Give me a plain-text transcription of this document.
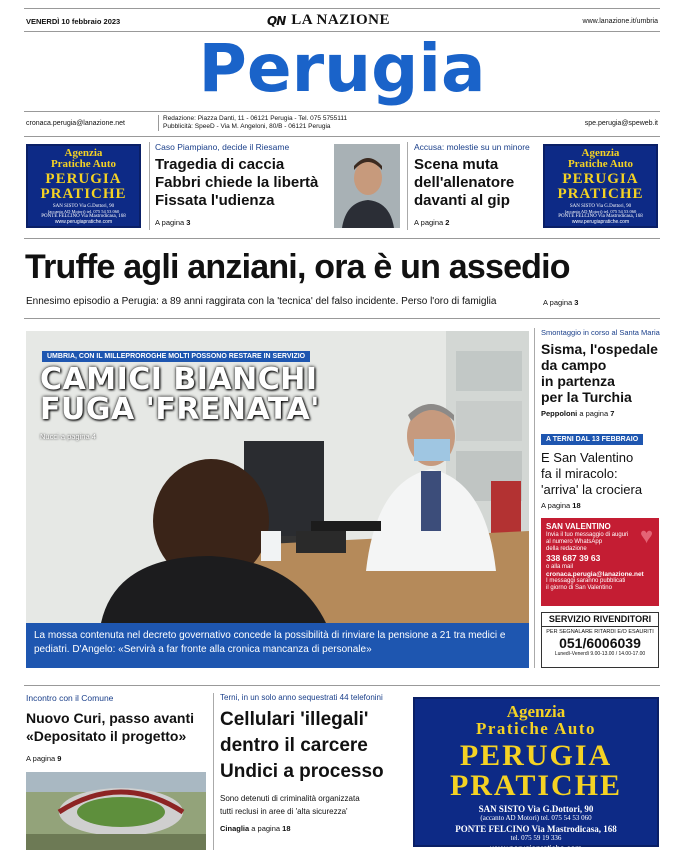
VENERDÌ 10 febbraio 2023	QN LA NAZIONE	www.lanazione.it/umbria
Perugia
cronaca.perugia@lanazione.net
Redazione: Piazza Danti, 11 - 06121 Perugia - Tel. 075 5755111
Pubblicità: SpeeD - Via M. Angeloni, 80/B - 06121 Perugia	spe.perugia@speweb.it
Agenzia
Pratiche Auto
PERUGIA
PRATICHE
SAN SISTO Via G.Dottori, 90
(accanto AD Motori) tel. 075 54 53 060
PONTE FELCINO Via Mastrodicasa, 168
www.perugiapratiche.com
Agenzia
Pratiche Auto
PERUGIA
PRATICHE
SAN SISTO Via G.Dottori, 90
(accanto AD Motori) tel. 075 54 53 060
PONTE FELCINO Via Mastrodicasa, 168
www.perugiapratiche.com
Caso Piampiano, decide il Riesame
Tragedia di caccia
Fabbri chiede la libertà
Fissata l'udienza
A pagina 3
Accusa: molestie su un minore
Scena muta
dell'allenatore
davanti al gip
A pagina 2
Truffe agli anziani, ora è un assedio
Ennesimo episodio a Perugia: a 89 anni raggirata con la 'tecnica' del falso incidente. Perso l'oro di famiglia	A pagina 3
UMBRIA, CON IL MILLEPROROGHE MOLTI POSSONO RESTARE IN SERVIZIO
CAMICI BIANCHI
FUGA 'FRENATA'
Nucci a pagina 4
La mossa contenuta nel decreto governativo concede la possibilità di rinviare la pensione a 21 tra medici e pediatri. D'Angelo: «Servirà a far fronte alla cronica mancanza di personale»
Smontaggio in corso al Santa Maria
Sisma, l'ospedale
da campo
in partenza
per la Turchia
Peppoloni a pagina 7
A TERNI DAL 13 FEBBRAIO
E San Valentino
fa il miracolo:
'arriva' la crociera
A pagina 18
SAN VALENTINO
Invia il tuo messaggio di auguri
al numero WhatsApp
della redazione
338 687 39 63
o alla mail
cronaca.perugia@lanazione.net
I messaggi saranno pubblicati
il giorno di San Valentino
♥
SERVIZIO RIVENDITORI
PER SEGNALARE RITARDI E/O ESAURITI
051/6006039
Lunedì-Venerdì 9.00-13.00 / 14.00-17.00
Incontro con il Comune
Nuovo Curi, passo avanti
«Depositato il progetto»
A pagina 9
Terni, in un solo anno sequestrati 44 telefonini
Cellulari 'illegali'
dentro il carcere
Undici a processo
Sono detenuti di criminalità organizzata
tutti reclusi in aree di 'alta sicurezza'
Cinaglia a pagina 18
Agenzia
Pratiche Auto
PERUGIA
PRATICHE
SAN SISTO Via G.Dottori, 90
(accanto AD Motori) tel. 075 54 53 060
PONTE FELCINO Via Mastrodicasa, 168
tel. 075 59 19 336
www.perugiapratiche.com
